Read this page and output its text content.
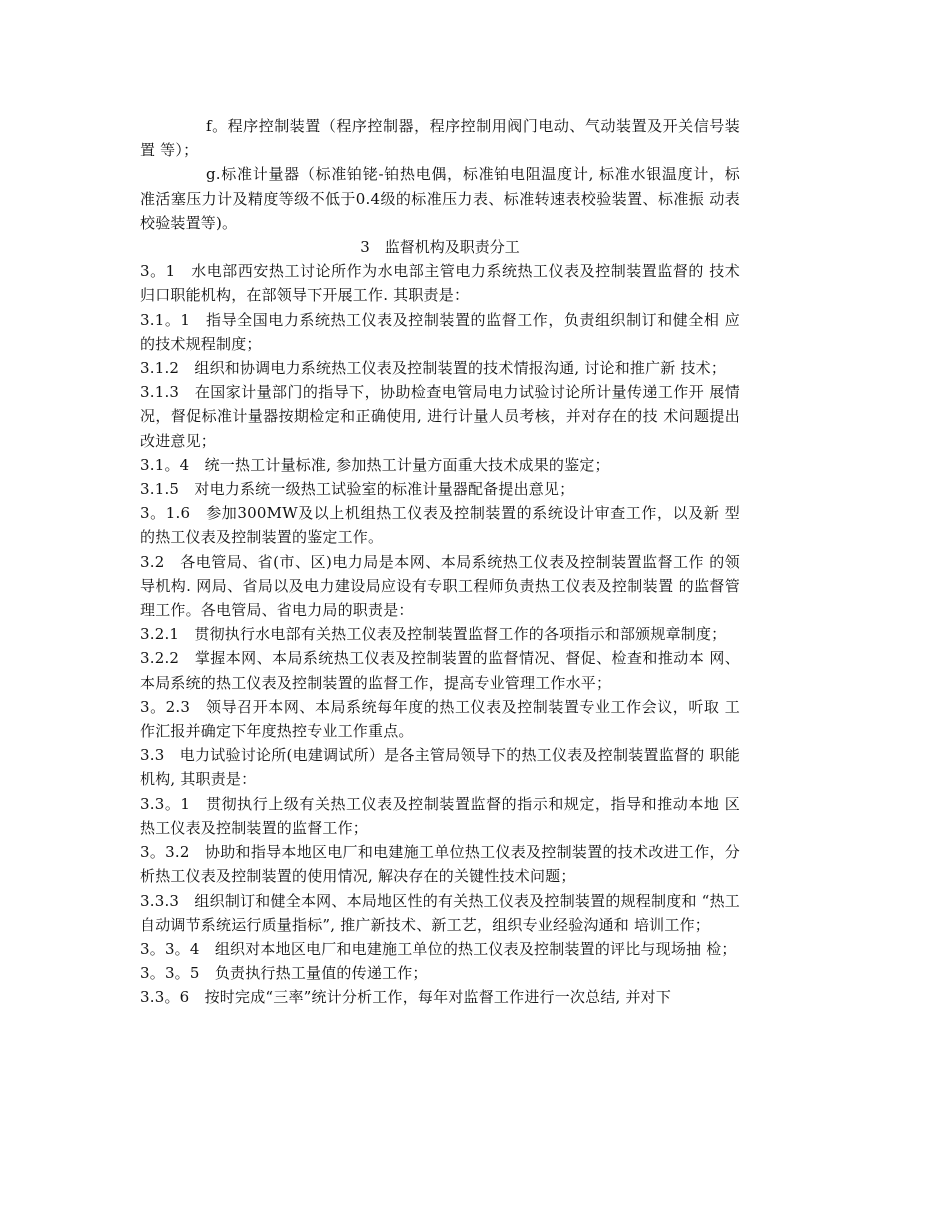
f。程序控制装置（程序控制器，程序控制用阀门电动、气动装置及开关信号装置 等）；

g.标准计量器（标准铂铑-铂热电偶，标准铂电阻温度计, 标准水银温度计，标 准活塞压力计及精度等级不低于0.4级的标准压力表、标准转速表校验装置、标准振 动表校验装置等)。

3　监督机构及职责分工

3。1　水电部西安热工讨论所作为水电部主管电力系统热工仪表及控制装置监督的 技术归口职能机构，在部领导下开展工作. 其职责是：

3.1。1　指导全国电力系统热工仪表及控制装置的监督工作，负责组织制订和健全相 应的技术规程制度；

3.1.2　组织和协调电力系统热工仪表及控制装置的技术情报沟通, 讨论和推广新 技术；

3.1.3　在国家计量部门的指导下，协助检查电管局电力试验讨论所计量传递工作开 展情况，督促标准计量器按期检定和正确使用, 进行计量人员考核，并对存在的技 术问题提出改进意见；

3.1。4　统一热工计量标准, 参加热工计量方面重大技术成果的鉴定；

3.1.5　对电力系统一级热工试验室的标准计量器配备提出意见；

3。1.6　参加300MW及以上机组热工仪表及控制装置的系统设计审查工作，以及新 型的热工仪表及控制装置的鉴定工作。

3.2　各电管局、省(市、区)电力局是本网、本局系统热工仪表及控制装置监督工作 的领导机构. 网局、省局以及电力建设局应设有专职工程师负责热工仪表及控制装置 的监督管理工作。各电管局、省电力局的职责是：

3.2.1　贯彻执行水电部有关热工仪表及控制装置监督工作的各项指示和部颁规章制度；

3.2.2　掌握本网、本局系统热工仪表及控制装置的监督情况、督促、检查和推动本 网、本局系统的热工仪表及控制装置的监督工作，提高专业管理工作水平；

3。2.3　领导召开本网、本局系统每年度的热工仪表及控制装置专业工作会议，听取 工作汇报并确定下年度热控专业工作重点。

3.3　电力试验讨论所(电建调试所）是各主管局领导下的热工仪表及控制装置监督的 职能机构, 其职责是：

3.3。1　贯彻执行上级有关热工仪表及控制装置监督的指示和规定，指导和推动本地 区热工仪表及控制装置的监督工作；

3。3.2　协助和指导本地区电厂和电建施工单位热工仪表及控制装置的技术改进工作，分析热工仪表及控制装置的使用情况, 解决存在的关键性技术问题；

3.3.3　组织制订和健全本网、本局地区性的有关热工仪表及控制装置的规程制度和 “热工自动调节系统运行质量指标”, 推广新技术、新工艺，组织专业经验沟通和 培训工作；

3。3。4　组织对本地区电厂和电建施工单位的热工仪表及控制装置的评比与现场抽 检；

3。3。5　负责执行热工量值的传递工作；

3.3。6　按时完成“三率”统计分析工作，每年对监督工作进行一次总结, 并对下
